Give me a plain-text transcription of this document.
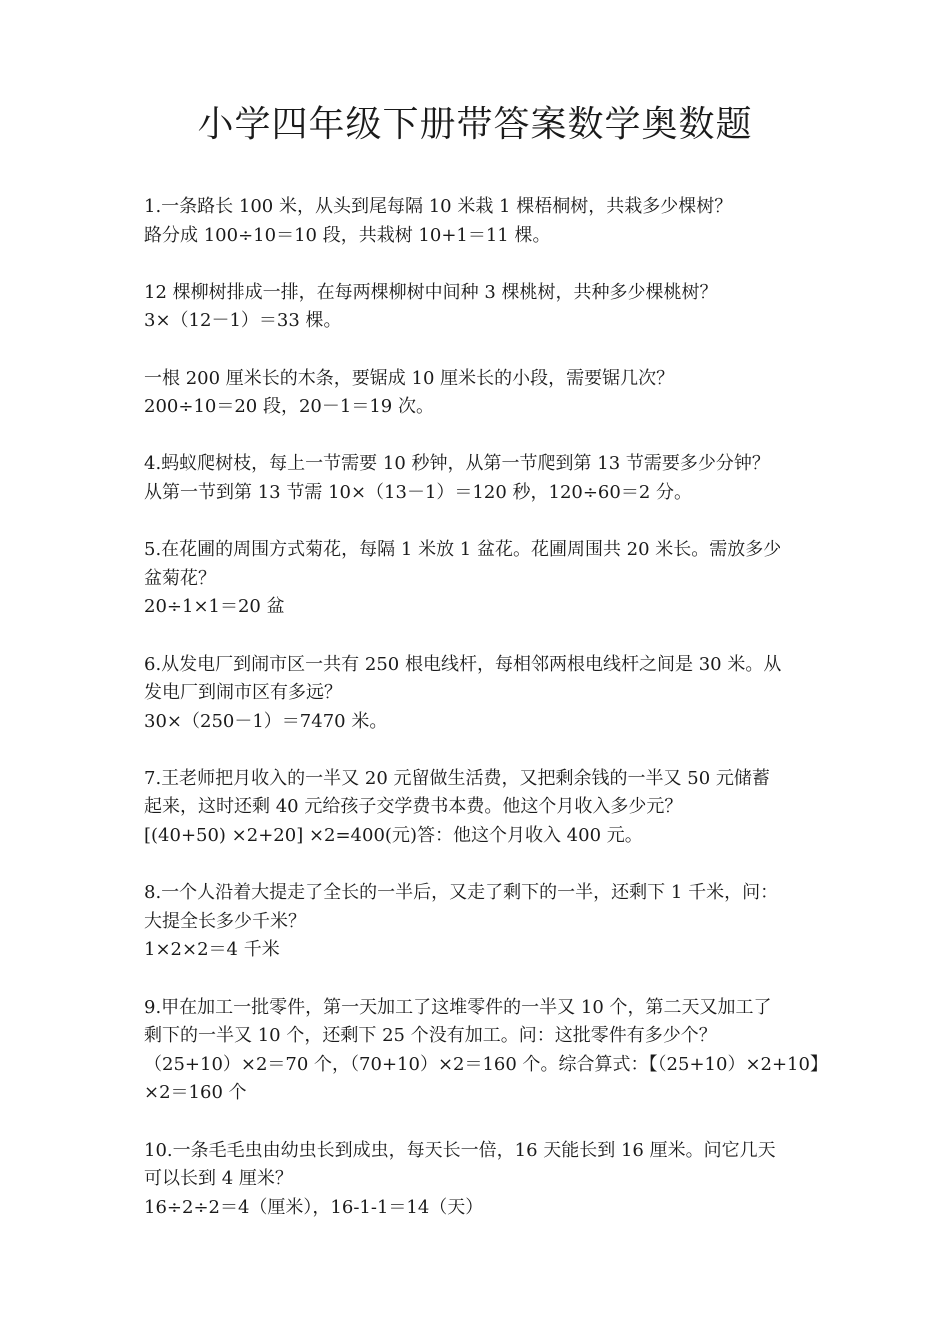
小学四年级下册带答案数学奥数题
1.一条路长 100 米，从头到尾每隔 10 米栽 1 棵梧桐树，共栽多少棵树？
路分成 100÷10＝10 段，共栽树 10+1＝11 棵。
12 棵柳树排成一排，在每两棵柳树中间种 3 棵桃树，共种多少棵桃树？
3×（12－1）＝33 棵。
一根 200 厘米长的木条，要锯成 10 厘米长的小段，需要锯几次？
200÷10＝20 段，20－1＝19 次。
4.蚂蚁爬树枝，每上一节需要 10 秒钟，从第一节爬到第 13 节需要多少分钟？
从第一节到第 13 节需 10×（13－1）＝120 秒，120÷60＝2 分。
5.在花圃的周围方式菊花，每隔 1 米放 1 盆花。花圃周围共 20 米长。需放多少
盆菊花？
20÷1×1＝20 盆
6.从发电厂到闹市区一共有 250 根电线杆，每相邻两根电线杆之间是 30 米。从
发电厂到闹市区有多远？
30×（250－1）＝7470 米。
7.王老师把月收入的一半又 20 元留做生活费，又把剩余钱的一半又 50 元储蓄
起来，这时还剩 40 元给孩子交学费书本费。他这个月收入多少元？
[(40+50) ×2+20] ×2=400(元)答：他这个月收入 400 元。
8.一个人沿着大提走了全长的一半后，又走了剩下的一半，还剩下 1 千米，问：
大提全长多少千米？
1×2×2＝4 千米
9.甲在加工一批零件，第一天加工了这堆零件的一半又 10 个，第二天又加工了
剩下的一半又 10 个，还剩下 25 个没有加工。问：这批零件有多少个？
（25+10）×2＝70 个，（70+10）×2＝160 个。综合算式：【（25+10）×2+10】
×2＝160 个
10.一条毛毛虫由幼虫长到成虫，每天长一倍，16 天能长到 16 厘米。问它几天
可以长到 4 厘米？
16÷2÷2＝4（厘米），16-1-1＝14（天）
